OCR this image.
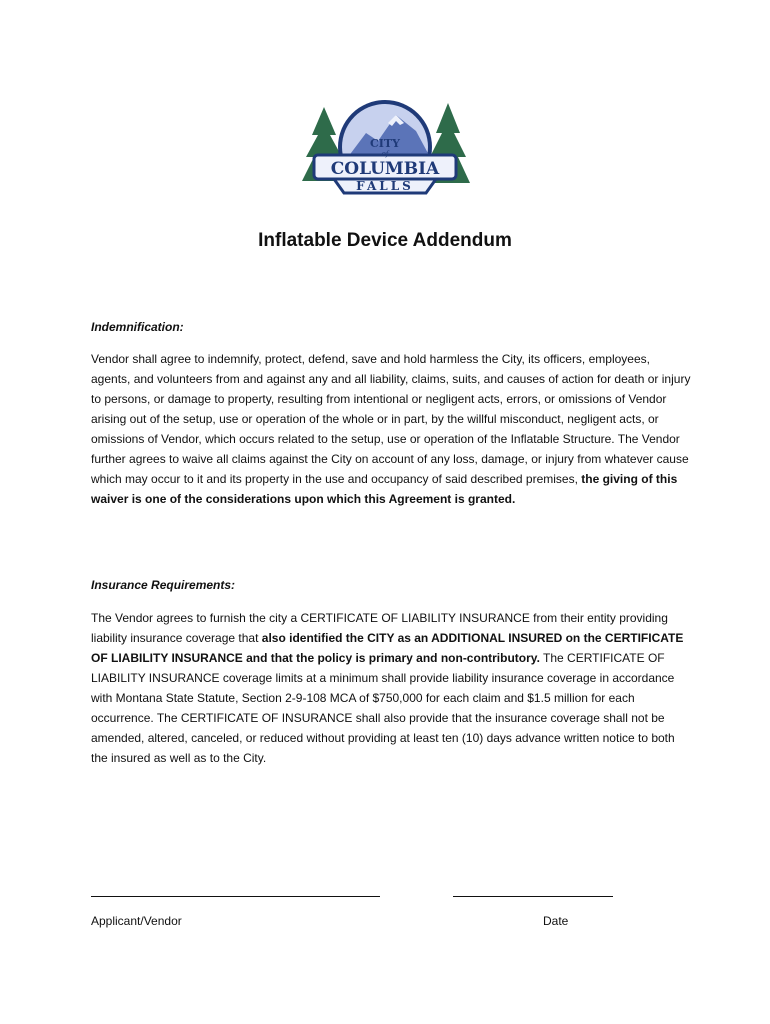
CITY
of
COLUMBIA
FALLS
Inflatable Device Addendum
Indemnification:

Vendor shall agree to indemnify, protect, defend, save and hold harmless the City, its officers, employees, agents, and volunteers from and against any and all liability, claims, suits, and causes of action for death or injury to persons, or damage to property, resulting from intentional or negligent acts, errors, or omissions of Vendor arising out of the setup, use or operation of the whole or in part, by the willful misconduct, negligent acts, or omissions of Vendor, which occurs related to the setup, use or operation of the Inflatable Structure. The Vendor further agrees to waive all claims against the City on account of any loss, damage, or injury from whatever cause which may occur to it and its property in the use and occupancy of said described premises, the giving of this waiver is one of the considerations upon which this Agreement is granted.

Insurance Requirements:

The Vendor agrees to furnish the city a CERTIFICATE OF LIABILITY INSURANCE from their entity providing liability insurance coverage that also identified the CITY as an ADDITIONAL INSURED on the CERTIFICATE OF LIABILITY INSURANCE and that the policy is primary and non-contributory. The CERTIFICATE OF LIABILITY INSURANCE coverage limits at a minimum shall provide liability insurance coverage in accordance with Montana State Statute, Section 2-9-108 MCA of $750,000 for each claim and $1.5 million for each occurrence. The CERTIFICATE OF INSURANCE shall also provide that the insurance coverage shall not be amended, altered, canceled, or reduced without providing at least ten (10) days advance written notice to both the insured as well as to the City.

Applicant/Vendor	Date
